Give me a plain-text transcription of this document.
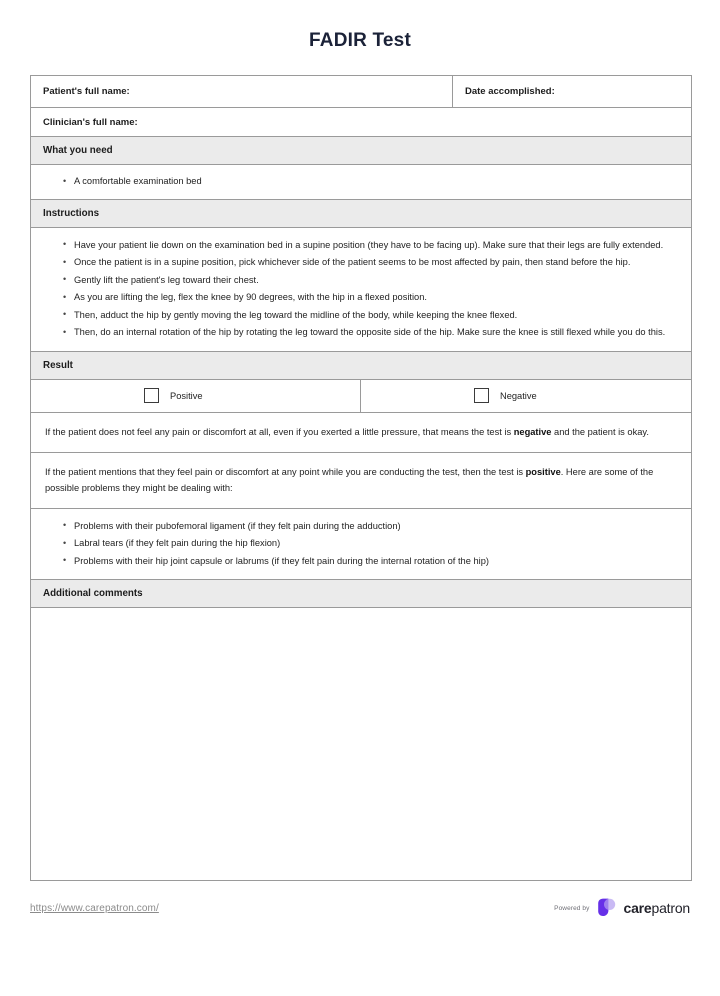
FADIR Test
Patient's full name:	Date accomplished:
Clinician's full name:
What you need
• A comfortable examination bed
Instructions
• Have your patient lie down on the examination bed in a supine position (they have to be facing up). Make sure that their legs are fully extended.
• Once the patient is in a supine position, pick whichever side of the patient seems to be most affected by pain, then stand before the hip.
• Gently lift the patient's leg toward their chest.
• As you are lifting the leg, flex the knee by 90 degrees, with the hip in a flexed position.
• Then, adduct the hip by gently moving the leg toward the midline of the body, while keeping the knee flexed.
• Then, do an internal rotation of the hip by rotating the leg toward the opposite side of the hip. Make sure the knee is still flexed while you do this.
Result
Positive	Negative
If the patient does not feel any pain or discomfort at all, even if you exerted a little pressure, that means the test is negative and the patient is okay.
If the patient mentions that they feel pain or discomfort at any point while you are conducting the test, then the test is positive. Here are some of the possible problems they might be dealing with:
• Problems with their pubofemoral ligament (if they felt pain during the adduction)
• Labral tears (if they felt pain during the hip flexion)
• Problems with their hip joint capsule or labrums (if they felt pain during the internal rotation of the hip)
Additional comments
https://www.carepatron.com/	Powered by carepatron
